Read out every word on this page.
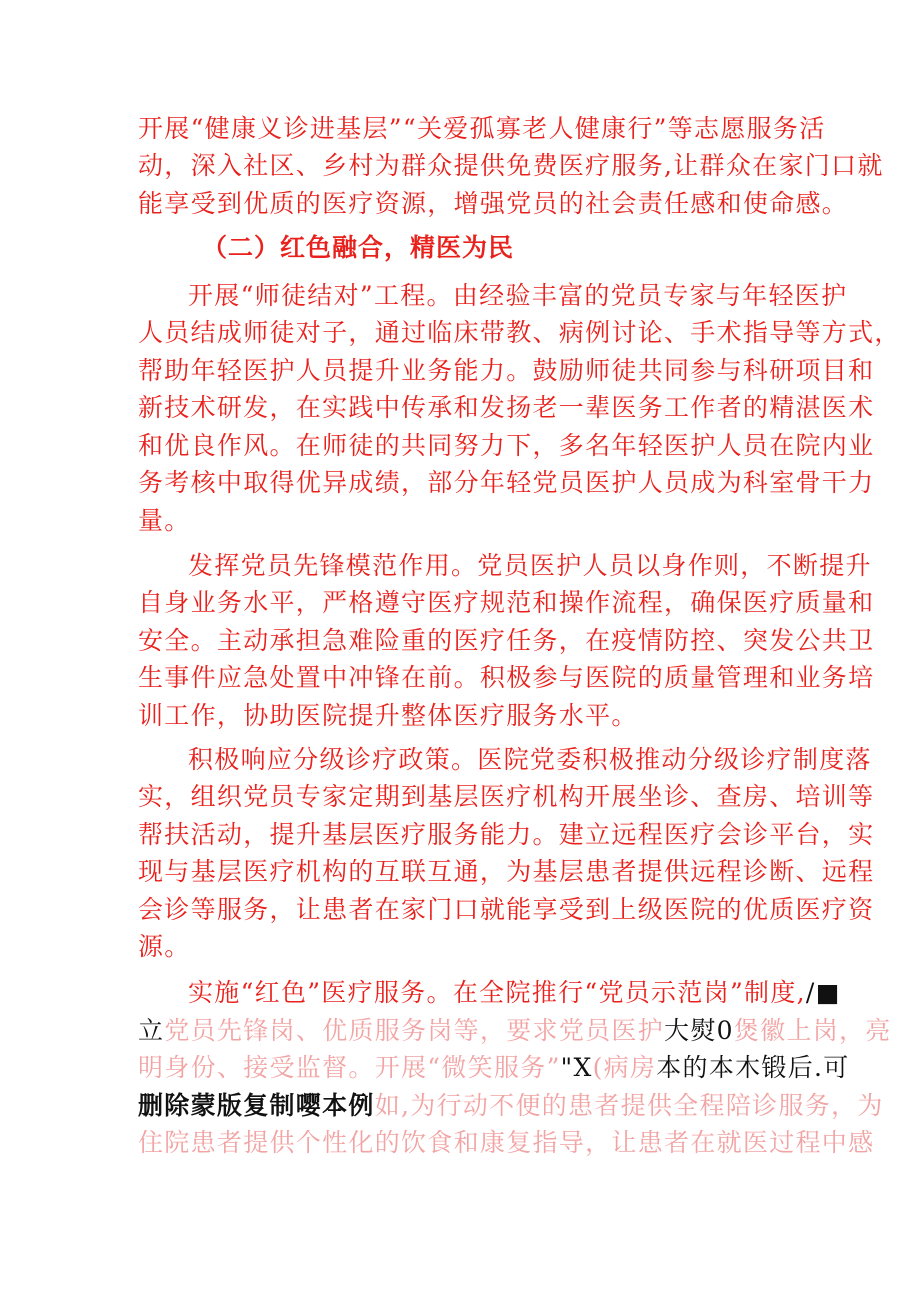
开展“健康义诊进基层”“关爱孤寡老人健康行”等志愿服务活
动，深入社区、乡村为群众提供免费医疗服务,让群众在家门口就
能享受到优质的医疗资源，增强党员的社会责任感和使命感。
（二）红色融合，精医为民
开展“师徒结对”工程。由经验丰富的党员专家与年轻医护
人员结成师徒对子，通过临床带教、病例讨论、手术指导等方式，
帮助年轻医护人员提升业务能力。鼓励师徒共同参与科研项目和
新技术研发，在实践中传承和发扬老一辈医务工作者的精湛医术
和优良作风。在师徒的共同努力下，多名年轻医护人员在院内业
务考核中取得优异成绩，部分年轻党员医护人员成为科室骨干力
量。
发挥党员先锋模范作用。党员医护人员以身作则，不断提升
自身业务水平，严格遵守医疗规范和操作流程，确保医疗质量和
安全。主动承担急难险重的医疗任务，在疫情防控、突发公共卫
生事件应急处置中冲锋在前。积极参与医院的质量管理和业务培
训工作，协助医院提升整体医疗服务水平。
积极响应分级诊疗政策。医院党委积极推动分级诊疗制度落
实，组织党员专家定期到基层医疗机构开展坐诊、查房、培训等
帮扶活动，提升基层医疗服务能力。建立远程医疗会诊平台，实
现与基层医疗机构的互联互通，为基层患者提供远程诊断、远程
会诊等服务，让患者在家门口就能享受到上级医院的优质医疗资
源。
实施“红色”医疗服务。在全院推行“党员示范岗”制度,/■
立党员先锋岗、优质服务岗等，要求党员医护大熨0煲徽上岗，亮
明身份、接受监督。开展“微笑服务”"X(病房本的本木锻后.可
删除蒙版复制嘤本例如,为行动不便的患者提供全程陪诊服务，为
住院患者提供个性化的饮食和康复指导，让患者在就医过程中感
